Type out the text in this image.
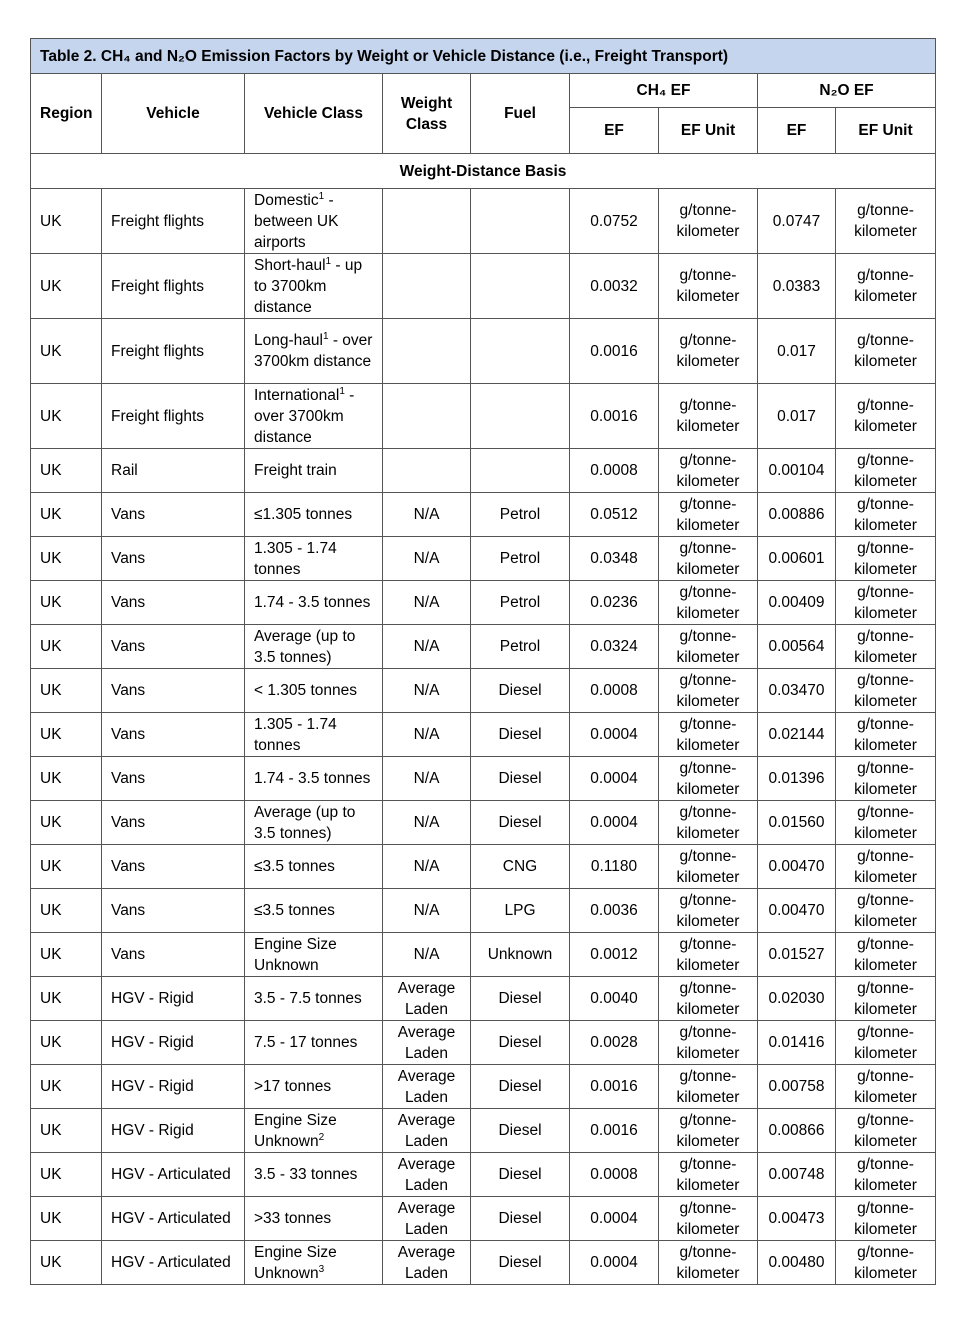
Table 2. CH₄ and N₂O Emission Factors by Weight or Vehicle Distance (i.e., Freight Transport)								
Region	Vehicle	Vehicle Class	Weight Class	Fuel	CH₄ EF		N₂O EF	
					EF	EF Unit	EF	EF Unit
Weight-Distance Basis								
UK	Freight flights	Domestic$^1$ - between UK airports			0.0752	g/tonne-kilometer	0.0747	g/tonne-kilometer
UK	Freight flights	Short-haul$^1$ - up to 3700km distance			0.0032	g/tonne-kilometer	0.0383	g/tonne-kilometer
UK	Freight flights	Long-haul$^1$ - over 3700km distance			0.0016	g/tonne-kilometer	0.017	g/tonne-kilometer
UK	Freight flights	International$^1$ - over 3700km distance			0.0016	g/tonne-kilometer	0.017	g/tonne-kilometer
UK	Rail	Freight train			0.0008	g/tonne-kilometer	0.00104	g/tonne-kilometer
UK	Vans	≤1.305 tonnes	N/A	Petrol	0.0512	g/tonne-kilometer	0.00886	g/tonne-kilometer
UK	Vans	1.305 - 1.74 tonnes	N/A	Petrol	0.0348	g/tonne-kilometer	0.00601	g/tonne-kilometer
UK	Vans	1.74 - 3.5 tonnes	N/A	Petrol	0.0236	g/tonne-kilometer	0.00409	g/tonne-kilometer
UK	Vans	Average (up to 3.5 tonnes)	N/A	Petrol	0.0324	g/tonne-kilometer	0.00564	g/tonne-kilometer
UK	Vans	< 1.305 tonnes	N/A	Diesel	0.0008	g/tonne-kilometer	0.03470	g/tonne-kilometer
UK	Vans	1.305 - 1.74 tonnes	N/A	Diesel	0.0004	g/tonne-kilometer	0.02144	g/tonne-kilometer
UK	Vans	1.74 - 3.5 tonnes	N/A	Diesel	0.0004	g/tonne-kilometer	0.01396	g/tonne-kilometer
UK	Vans	Average (up to 3.5 tonnes)	N/A	Diesel	0.0004	g/tonne-kilometer	0.01560	g/tonne-kilometer
UK	Vans	≤3.5 tonnes	N/A	CNG	0.1180	g/tonne-kilometer	0.00470	g/tonne-kilometer
UK	Vans	≤3.5 tonnes	N/A	LPG	0.0036	g/tonne-kilometer	0.00470	g/tonne-kilometer
UK	Vans	Engine Size Unknown	N/A	Unknown	0.0012	g/tonne-kilometer	0.01527	g/tonne-kilometer
UK	HGV - Rigid	3.5 - 7.5 tonnes	Average Laden	Diesel	0.0040	g/tonne-kilometer	0.02030	g/tonne-kilometer
UK	HGV - Rigid	7.5 - 17 tonnes	Average Laden	Diesel	0.0028	g/tonne-kilometer	0.01416	g/tonne-kilometer
UK	HGV - Rigid	>17 tonnes	Average Laden	Diesel	0.0016	g/tonne-kilometer	0.00758	g/tonne-kilometer
UK	HGV - Rigid	Engine Size Unknown$^2$	Average Laden	Diesel	0.0016	g/tonne-kilometer	0.00866	g/tonne-kilometer
UK	HGV - Articulated	3.5 - 33 tonnes	Average Laden	Diesel	0.0008	g/tonne-kilometer	0.00748	g/tonne-kilometer
UK	HGV - Articulated	>33 tonnes	Average Laden	Diesel	0.0004	g/tonne-kilometer	0.00473	g/tonne-kilometer
UK	HGV - Articulated	Engine Size Unknown$^3$	Average Laden	Diesel	0.0004	g/tonne-kilometer	0.00480	g/tonne-kilometer
